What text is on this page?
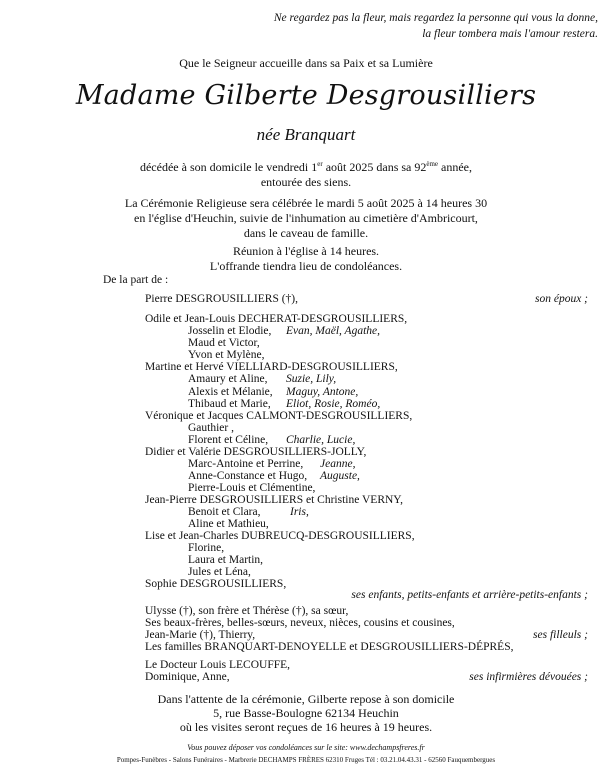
Ne regardez pas la fleur, mais regardez la personne qui vous la donne,
la fleur tombera mais l'amour restera.
Que le Seigneur accueille dans sa Paix et sa Lumière
Madame Gilberte Desgrousilliers
née Branquart
décédée à son domicile le vendredi 1er août 2025 dans sa 92ème année,
entourée des siens.
La Cérémonie Religieuse sera célébrée le mardi 5 août 2025 à 14 heures 30
en l'église d'Heuchin, suivie de l'inhumation au cimetière d'Ambricourt,
dans le caveau de famille.
Réunion à l'église à 14 heures.
L'offrande tiendra lieu de condoléances.
De la part de :
Pierre DESGROUSILLIERS (†),	son époux ;
Odile et Jean-Louis DECHERAT-DESGROUSILLIERS,
Josselin et Elodie, Evan, Maël, Agathe,
Maud et Victor,
Yvon et Mylène,
Martine et Hervé VIELLIARD-DESGROUSILLIERS,
Amaury et Aline, Suzie, Lily,
Alexis et Mélanie, Maguy, Antone,
Thibaud et Marie, Eliot, Rosie, Roméo,
Véronique et Jacques CALMONT-DESGROUSILLIERS,
Gauthier ,
Florent et Céline, Charlie, Lucie,
Didier et Valérie DESGROUSILLIERS-JOLLY,
Marc-Antoine et Perrine, Jeanne,
Anne-Constance et Hugo, Auguste,
Pierre-Louis et Clémentine,
Jean-Pierre DESGROUSILLIERS et Christine VERNY,
Benoit et Clara,	Iris,
Aline et Mathieu,
Lise et Jean-Charles DUBREUCQ-DESGROUSILLIERS,
Florine,
Laura et Martin,
Jules et Léna,
Sophie DESGROUSILLIERS,
ses enfants, petits-enfants et arrière-petits-enfants ;
Ulysse (†), son frère et Thérèse (†), sa sœur,
Ses beaux-frères, belles-sœurs, neveux, nièces, cousins et cousines,
Jean-Marie (†), Thierry,	ses filleuls ;
Les familles BRANQUART-DENOYELLE et DESGROUSILLIERS-DÉPRÉS,
Le Docteur Louis LECOUFFE,
Dominique, Anne,	ses infirmières dévouées ;
Dans l'attente de la cérémonie, Gilberte repose à son domicile
5, rue Basse-Boulogne 62134 Heuchin
où les visites seront reçues de 16 heures à 19 heures.
Vous pouvez déposer vos condoléances sur le site: www.dechampsfreres.fr
Pompes-Funèbres - Salons Funéraires - Marbrerie DECHAMPS FRÈRES 62310 Fruges Tél : 03.21.04.43.31 - 62560 Fauquembergues
